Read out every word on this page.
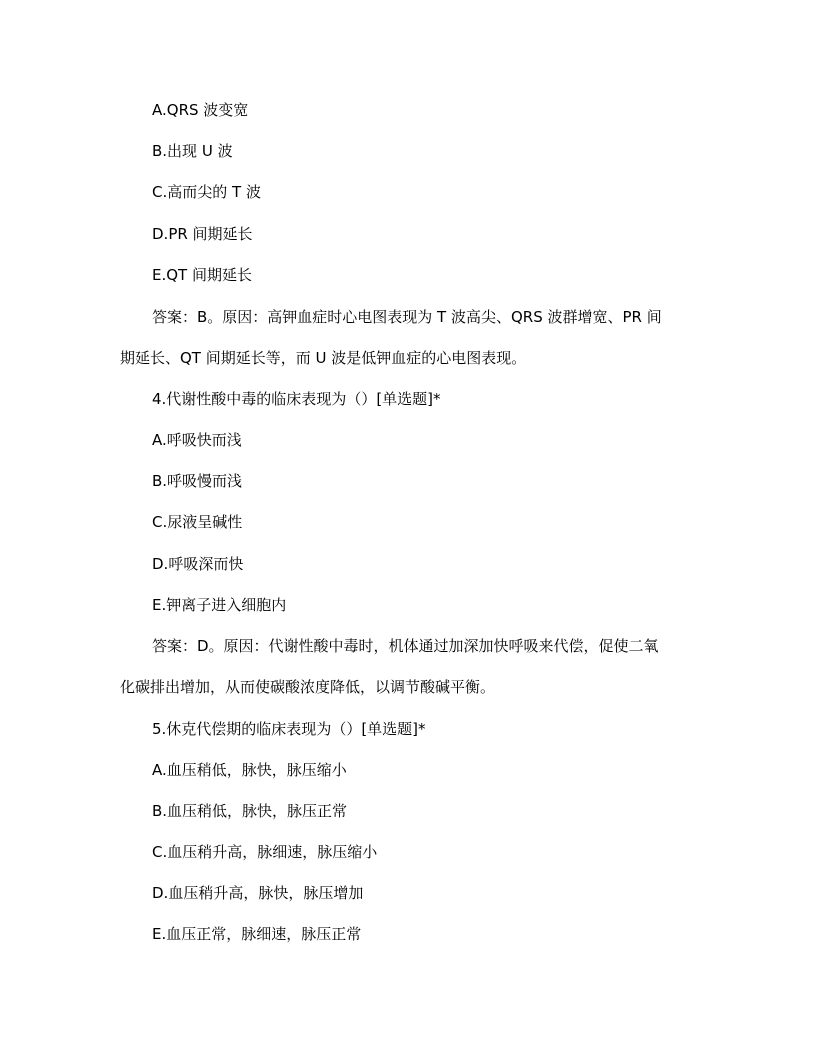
A.QRS 波变宽
B.出现 U 波
C.高而尖的 T 波
D.PR 间期延长
E.QT 间期延长
答案：B。原因：高钾血症时心电图表现为 T 波高尖、QRS 波群增宽、PR 间
期延长、QT 间期延长等，而 U 波是低钾血症的心电图表现。
4.代谢性酸中毒的临床表现为（）[单选题]*
A.呼吸快而浅
B.呼吸慢而浅
C.尿液呈碱性
D.呼吸深而快
E.钾离子进入细胞内
答案：D。原因：代谢性酸中毒时，机体通过加深加快呼吸来代偿，促使二氧
化碳排出增加，从而使碳酸浓度降低，以调节酸碱平衡。
5.休克代偿期的临床表现为（）[单选题]*
A.血压稍低，脉快，脉压缩小
B.血压稍低，脉快，脉压正常
C.血压稍升高，脉细速，脉压缩小
D.血压稍升高，脉快，脉压增加
E.血压正常，脉细速，脉压正常
